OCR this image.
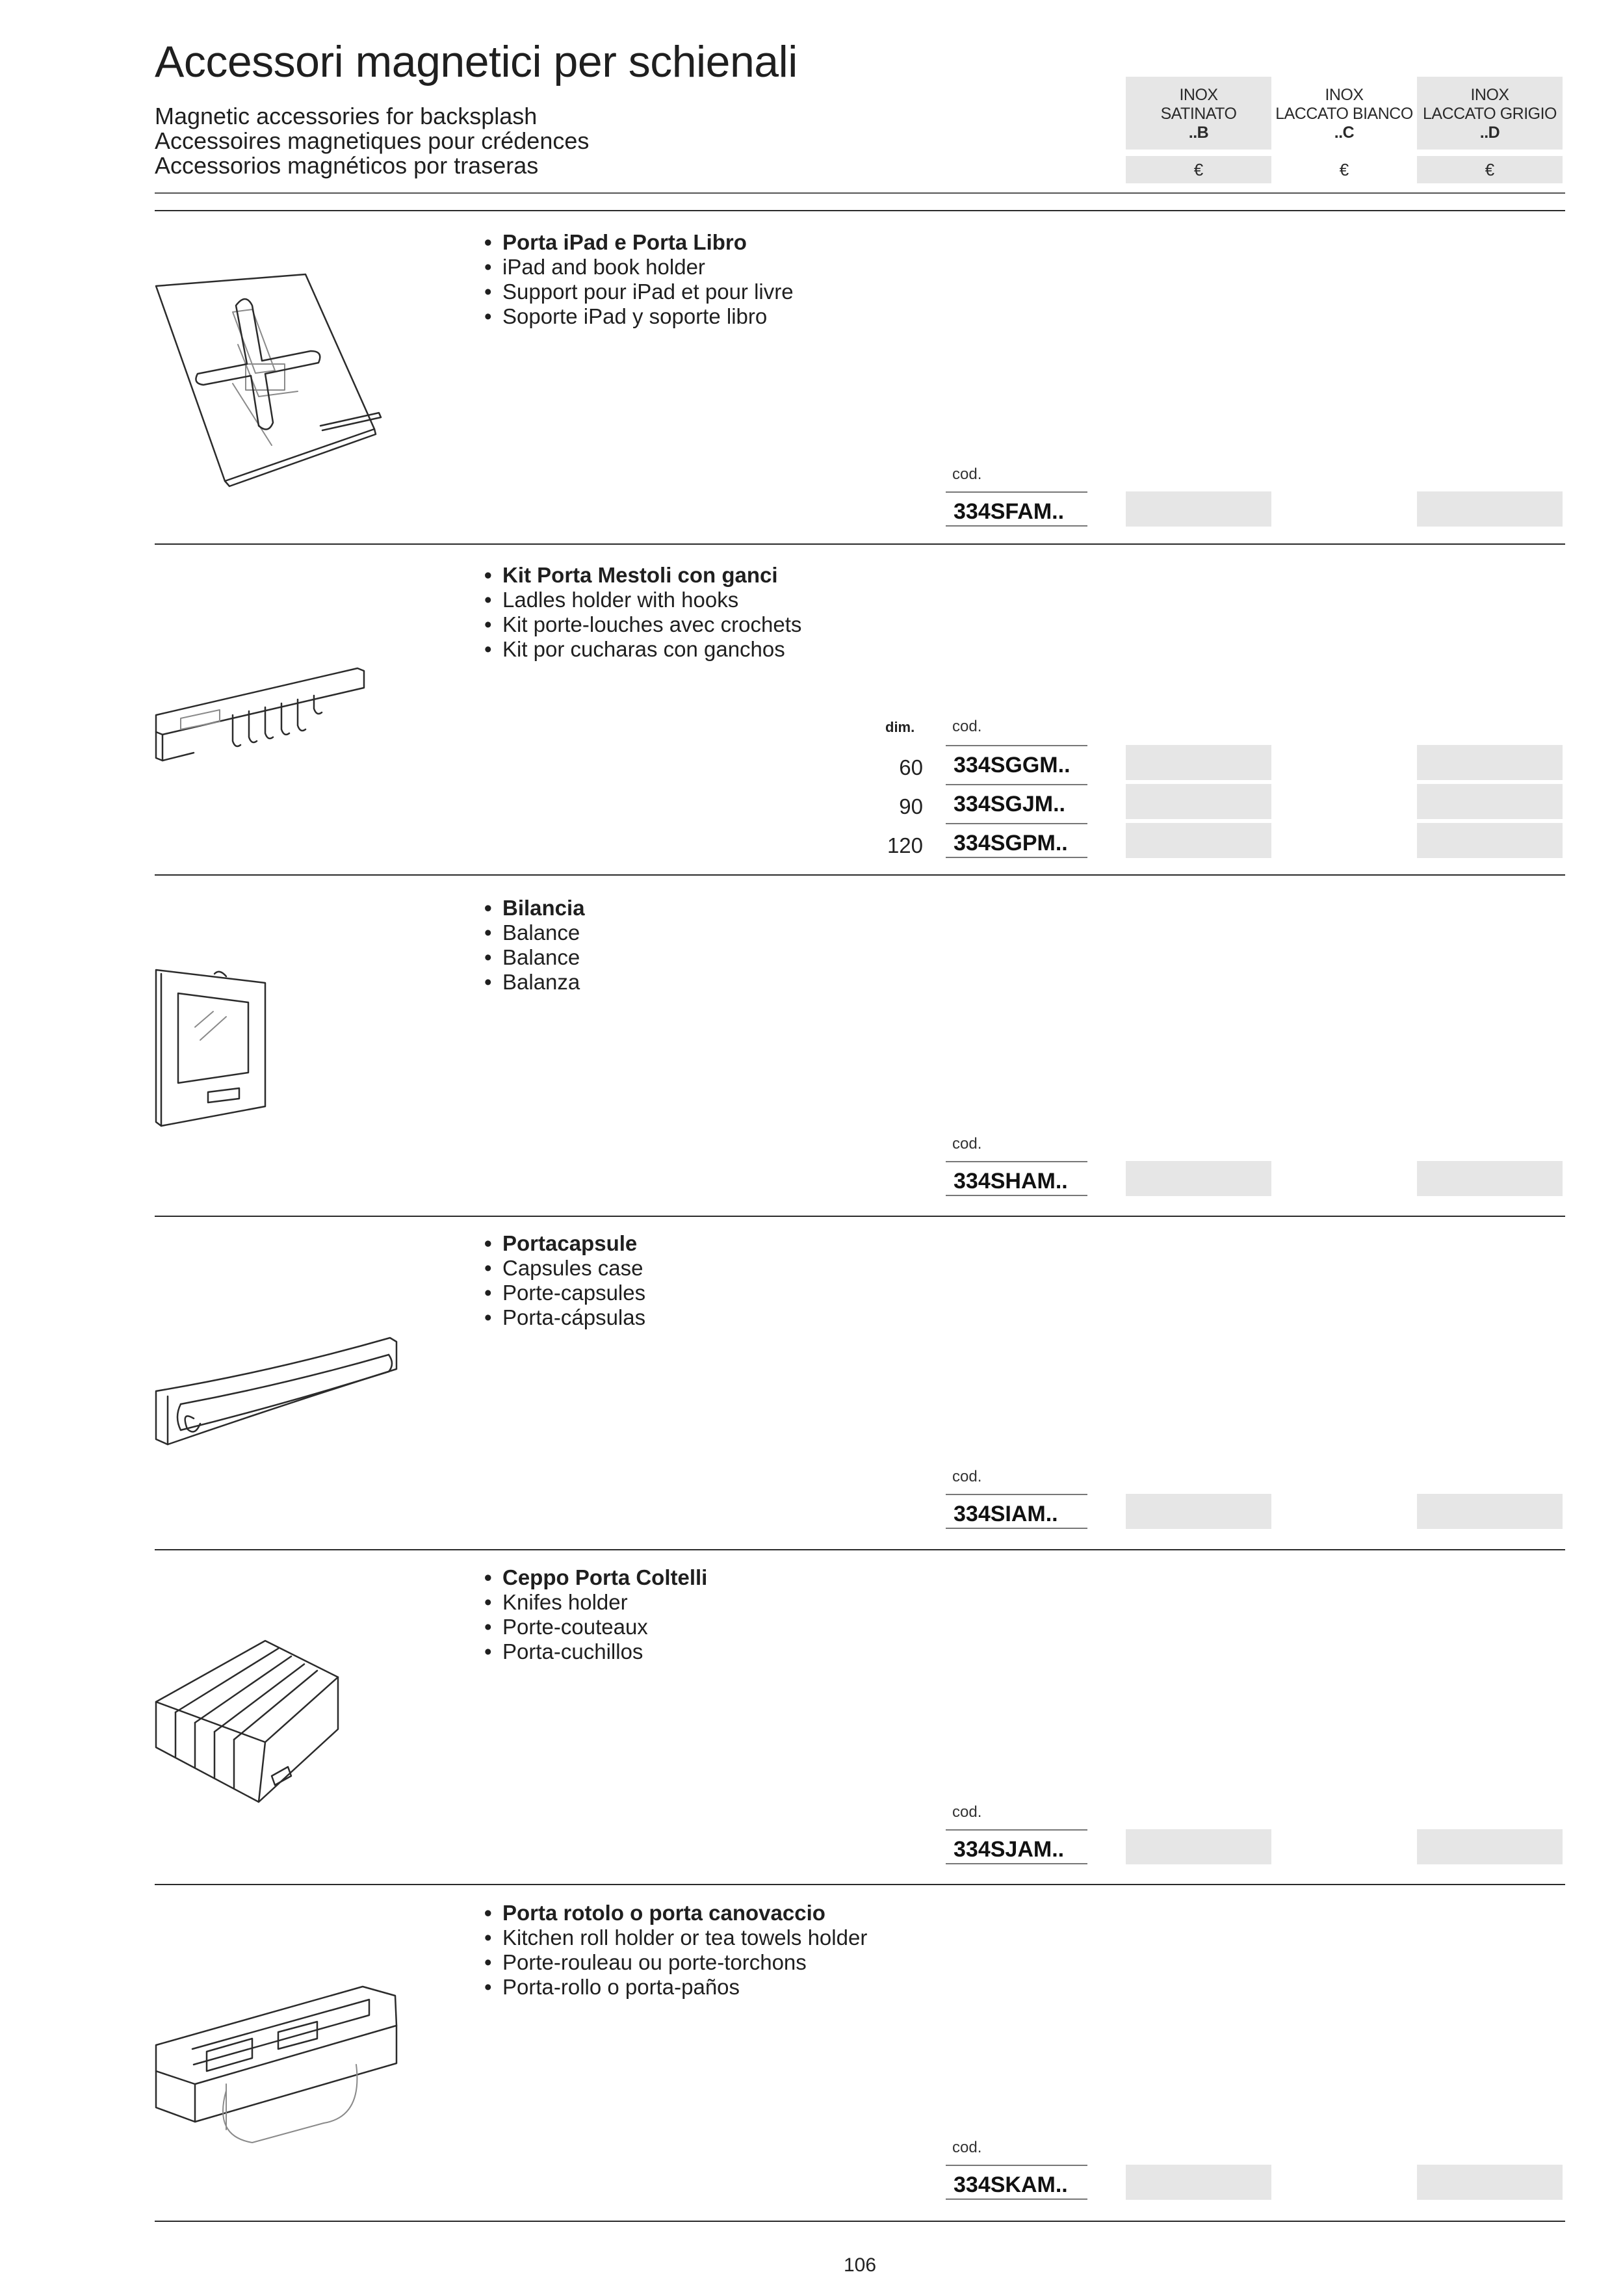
Accessori magnetici per schienali
Magnetic accessories for backsplash
Accessoires magnetiques pour crédences
Accessorios magnéticos por traseras
INOX
SATINATO
..B
INOX
LACCATO BIANCO
..C
INOX
LACCATO GRIGIO
..D
€	€	€
• Porta iPad e Porta Libro
• iPad and book holder
• Support pour iPad et pour livre
• Soporte iPad y soporte libro
cod.
334SFAM..
• Kit Porta Mestoli con ganci
• Ladles holder with hooks
• Kit porte-louches avec crochets
• Kit por cucharas con ganchos
dim. cod.
60 334SGGM..
90 334SGJM..
120 334SGPM..
• Bilancia
• Balance
• Balance
• Balanza
cod.
334SHAM..
• Portacapsule
• Capsules case
• Porte-capsules
• Porta-cápsulas
cod.
334SIAM..
• Ceppo Porta Coltelli
• Knifes holder
• Porte-couteaux
• Porta-cuchillos
cod.
334SJAM..
• Porta rotolo o porta canovaccio
• Kitchen roll holder or tea towels holder
• Porte-rouleau ou porte-torchons
• Porta-rollo o porta-paños
cod.
334SKAM..
106
